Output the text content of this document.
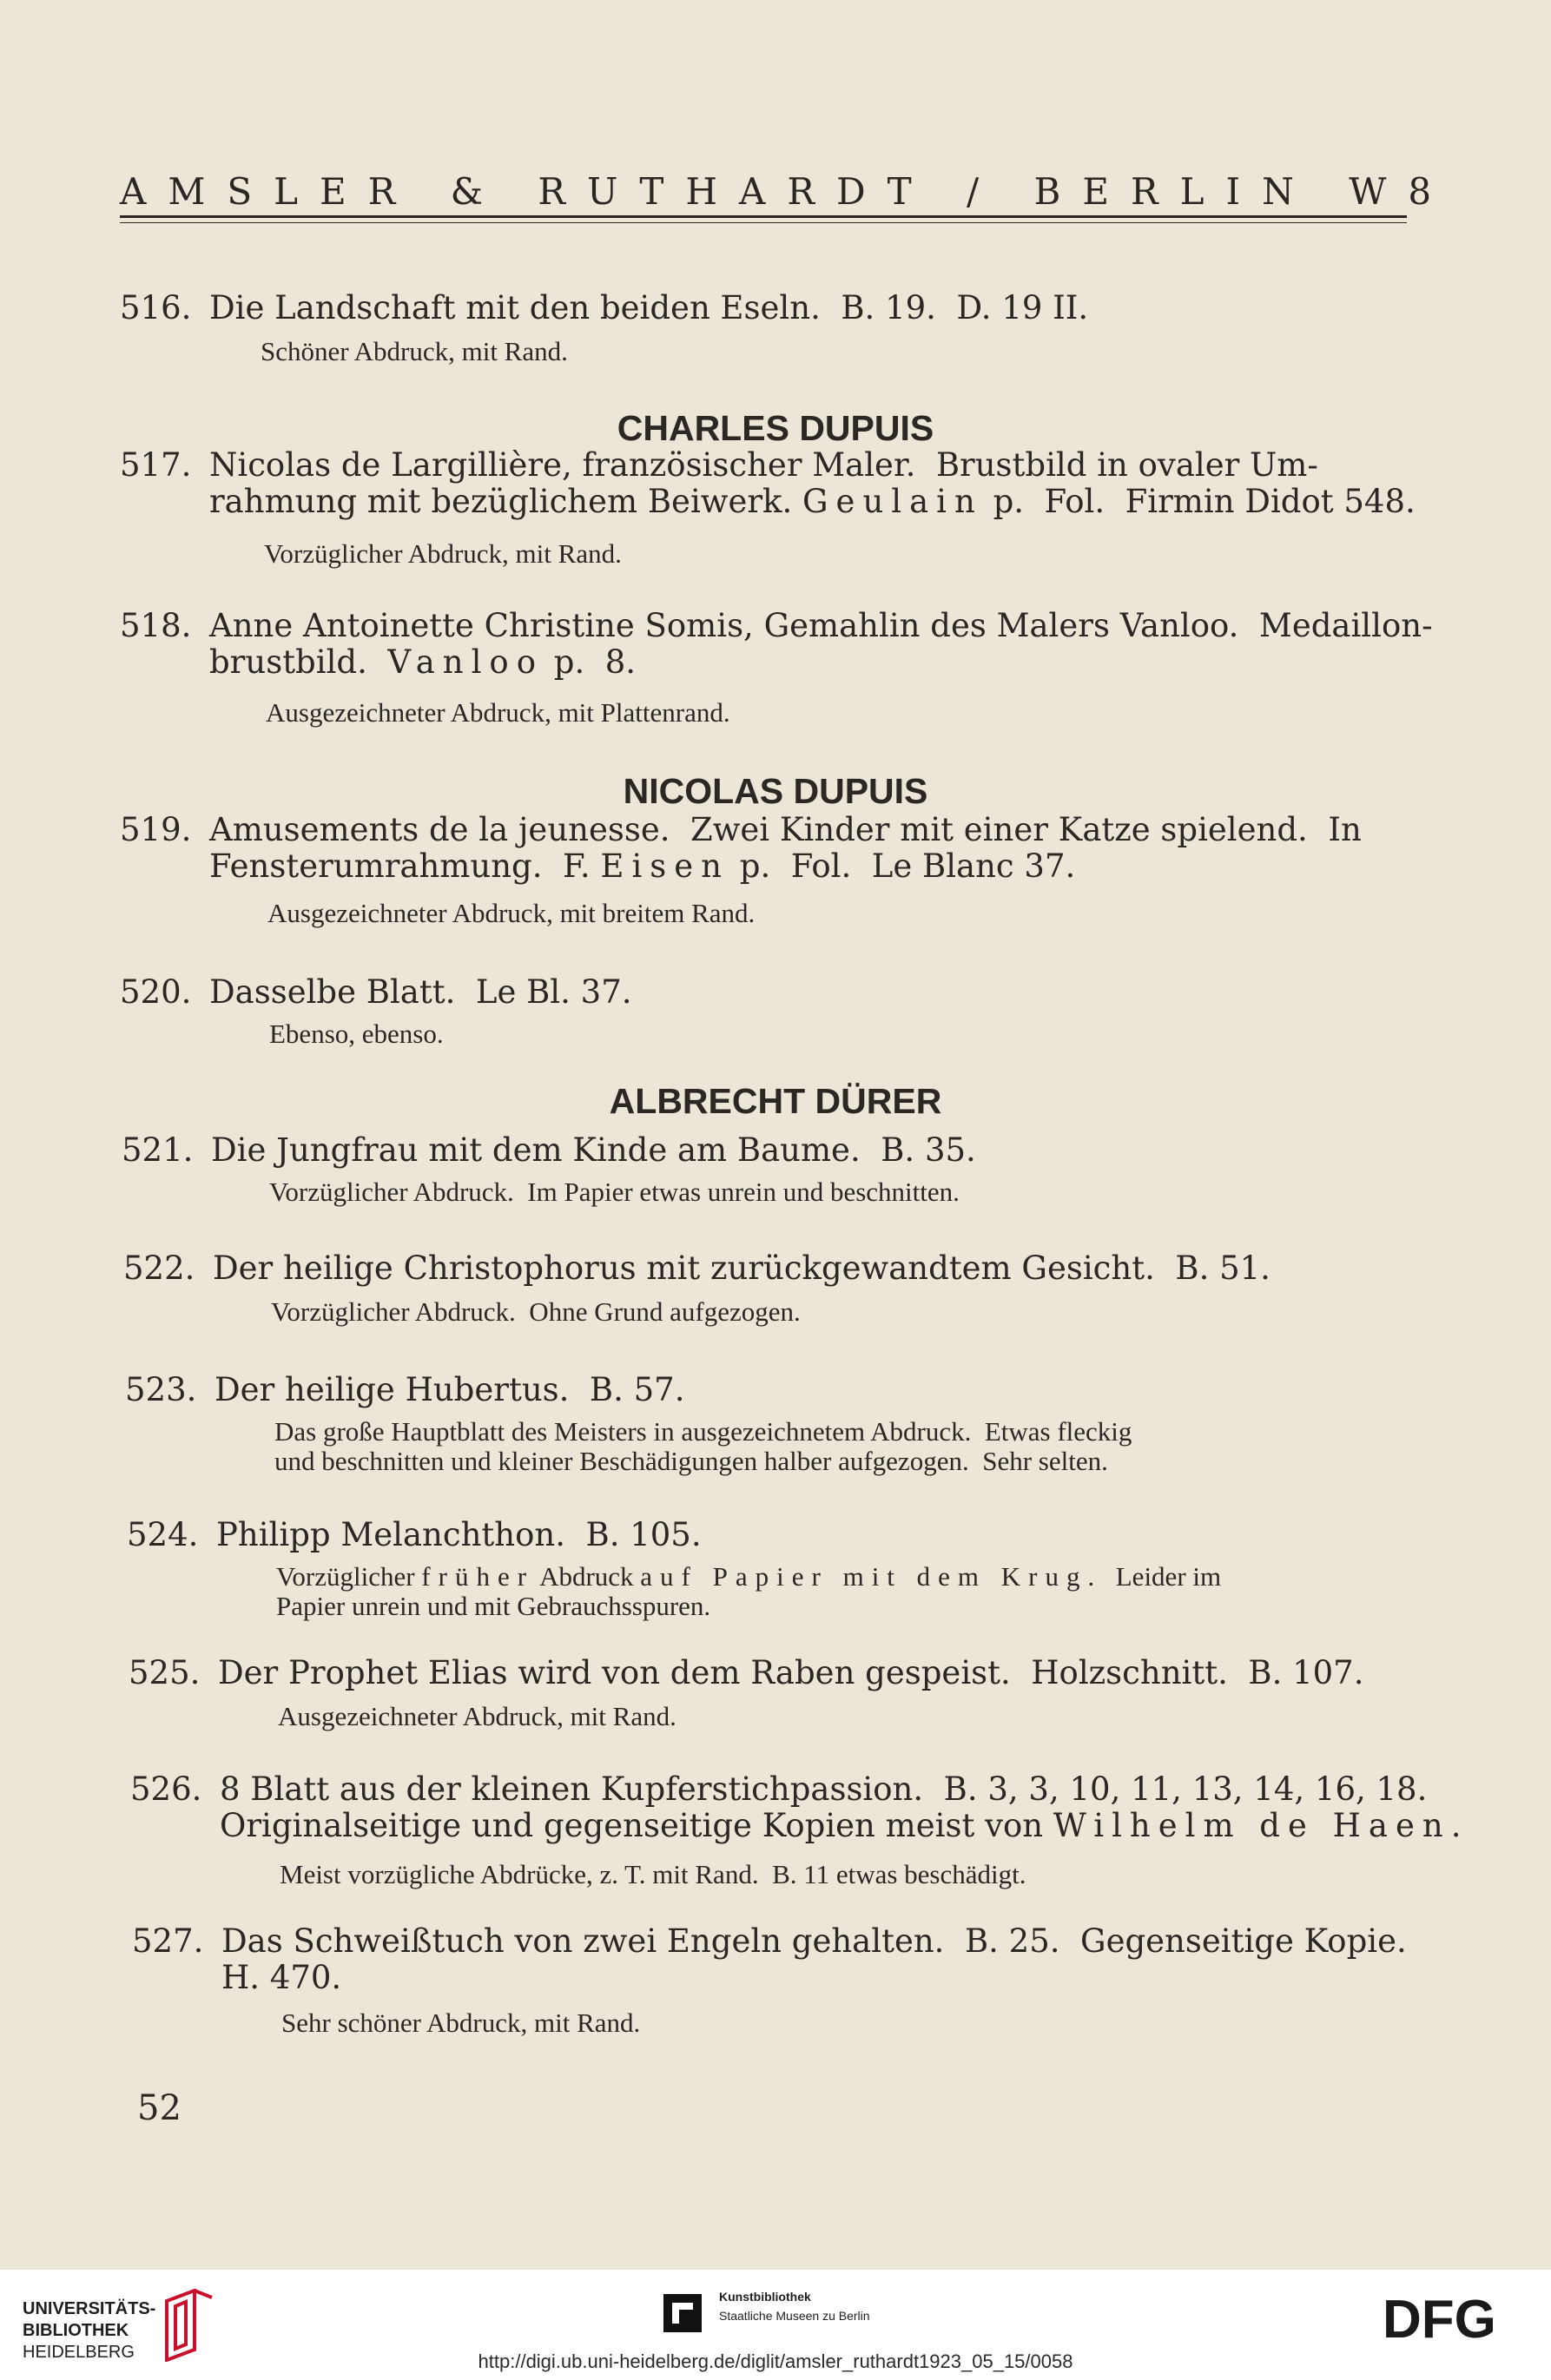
AMSLER & RUTHARDT / BERLIN W8
516. Die Landschaft mit den beiden Eseln.  B. 19.  D. 19 II.
Schöner Abdruck, mit Rand.
CHARLES DUPUIS
517. Nicolas de Largillière, französischer Maler.  Brustbild in ovaler Um-
rahmung mit bezüglichem Beiwerk. Geulain p.  Fol.  Firmin Didot 548.
Vorzüglicher Abdruck, mit Rand.
518. Anne Antoinette Christine Somis, Gemahlin des Malers Vanloo.  Medaillon-
brustbild.  Vanloo p.  8.
Ausgezeichneter Abdruck, mit Plattenrand.
NICOLAS DUPUIS
519. Amusements de la jeunesse.  Zwei Kinder mit einer Katze spielend.  In
Fensterumrahmung.  F. Eisen p.  Fol.  Le Blanc 37.
Ausgezeichneter Abdruck, mit breitem Rand.
520. Dasselbe Blatt.  Le Bl. 37.
Ebenso, ebenso.
ALBRECHT DÜRER
521. Die Jungfrau mit dem Kinde am Baume.  B. 35.
Vorzüglicher Abdruck.  Im Papier etwas unrein und beschnitten.
522. Der heilige Christophorus mit zurückgewandtem Gesicht.  B. 51.
Vorzüglicher Abdruck.  Ohne Grund aufgezogen.
523. Der heilige Hubertus.  B. 57.
Das große Hauptblatt des Meisters in ausgezeichnetem Abdruck.  Etwas fleckig
und beschnitten und kleiner Beschädigungen halber aufgezogen.  Sehr selten.
524. Philipp Melanchthon.  B. 105.
Vorzüglicher früher Abdruck auf Papier mit dem Krug.  Leider im
Papier unrein und mit Gebrauchsspuren.
525. Der Prophet Elias wird von dem Raben gespeist.  Holzschnitt.  B. 107.
Ausgezeichneter Abdruck, mit Rand.
526. 8 Blatt aus der kleinen Kupferstichpassion.  B. 3, 3, 10, 11, 13, 14, 16, 18.
Originalseitige und gegenseitige Kopien meist von Wilhelm de Haen.
Meist vorzügliche Abdrücke, z. T. mit Rand.  B. 11 etwas beschädigt.
527. Das Schweißtuch von zwei Engeln gehalten.  B. 25.  Gegenseitige Kopie.
H. 470.
Sehr schöner Abdruck, mit Rand.
52
UNIVERSITÄTS-
BIBLIOTHEK
HEIDELBERG
Kunstbibliothek
Staatliche Museen zu Berlin	DFG
http://digi.ub.uni-heidelberg.de/diglit/amsler_ruthardt1923_05_15/0058
